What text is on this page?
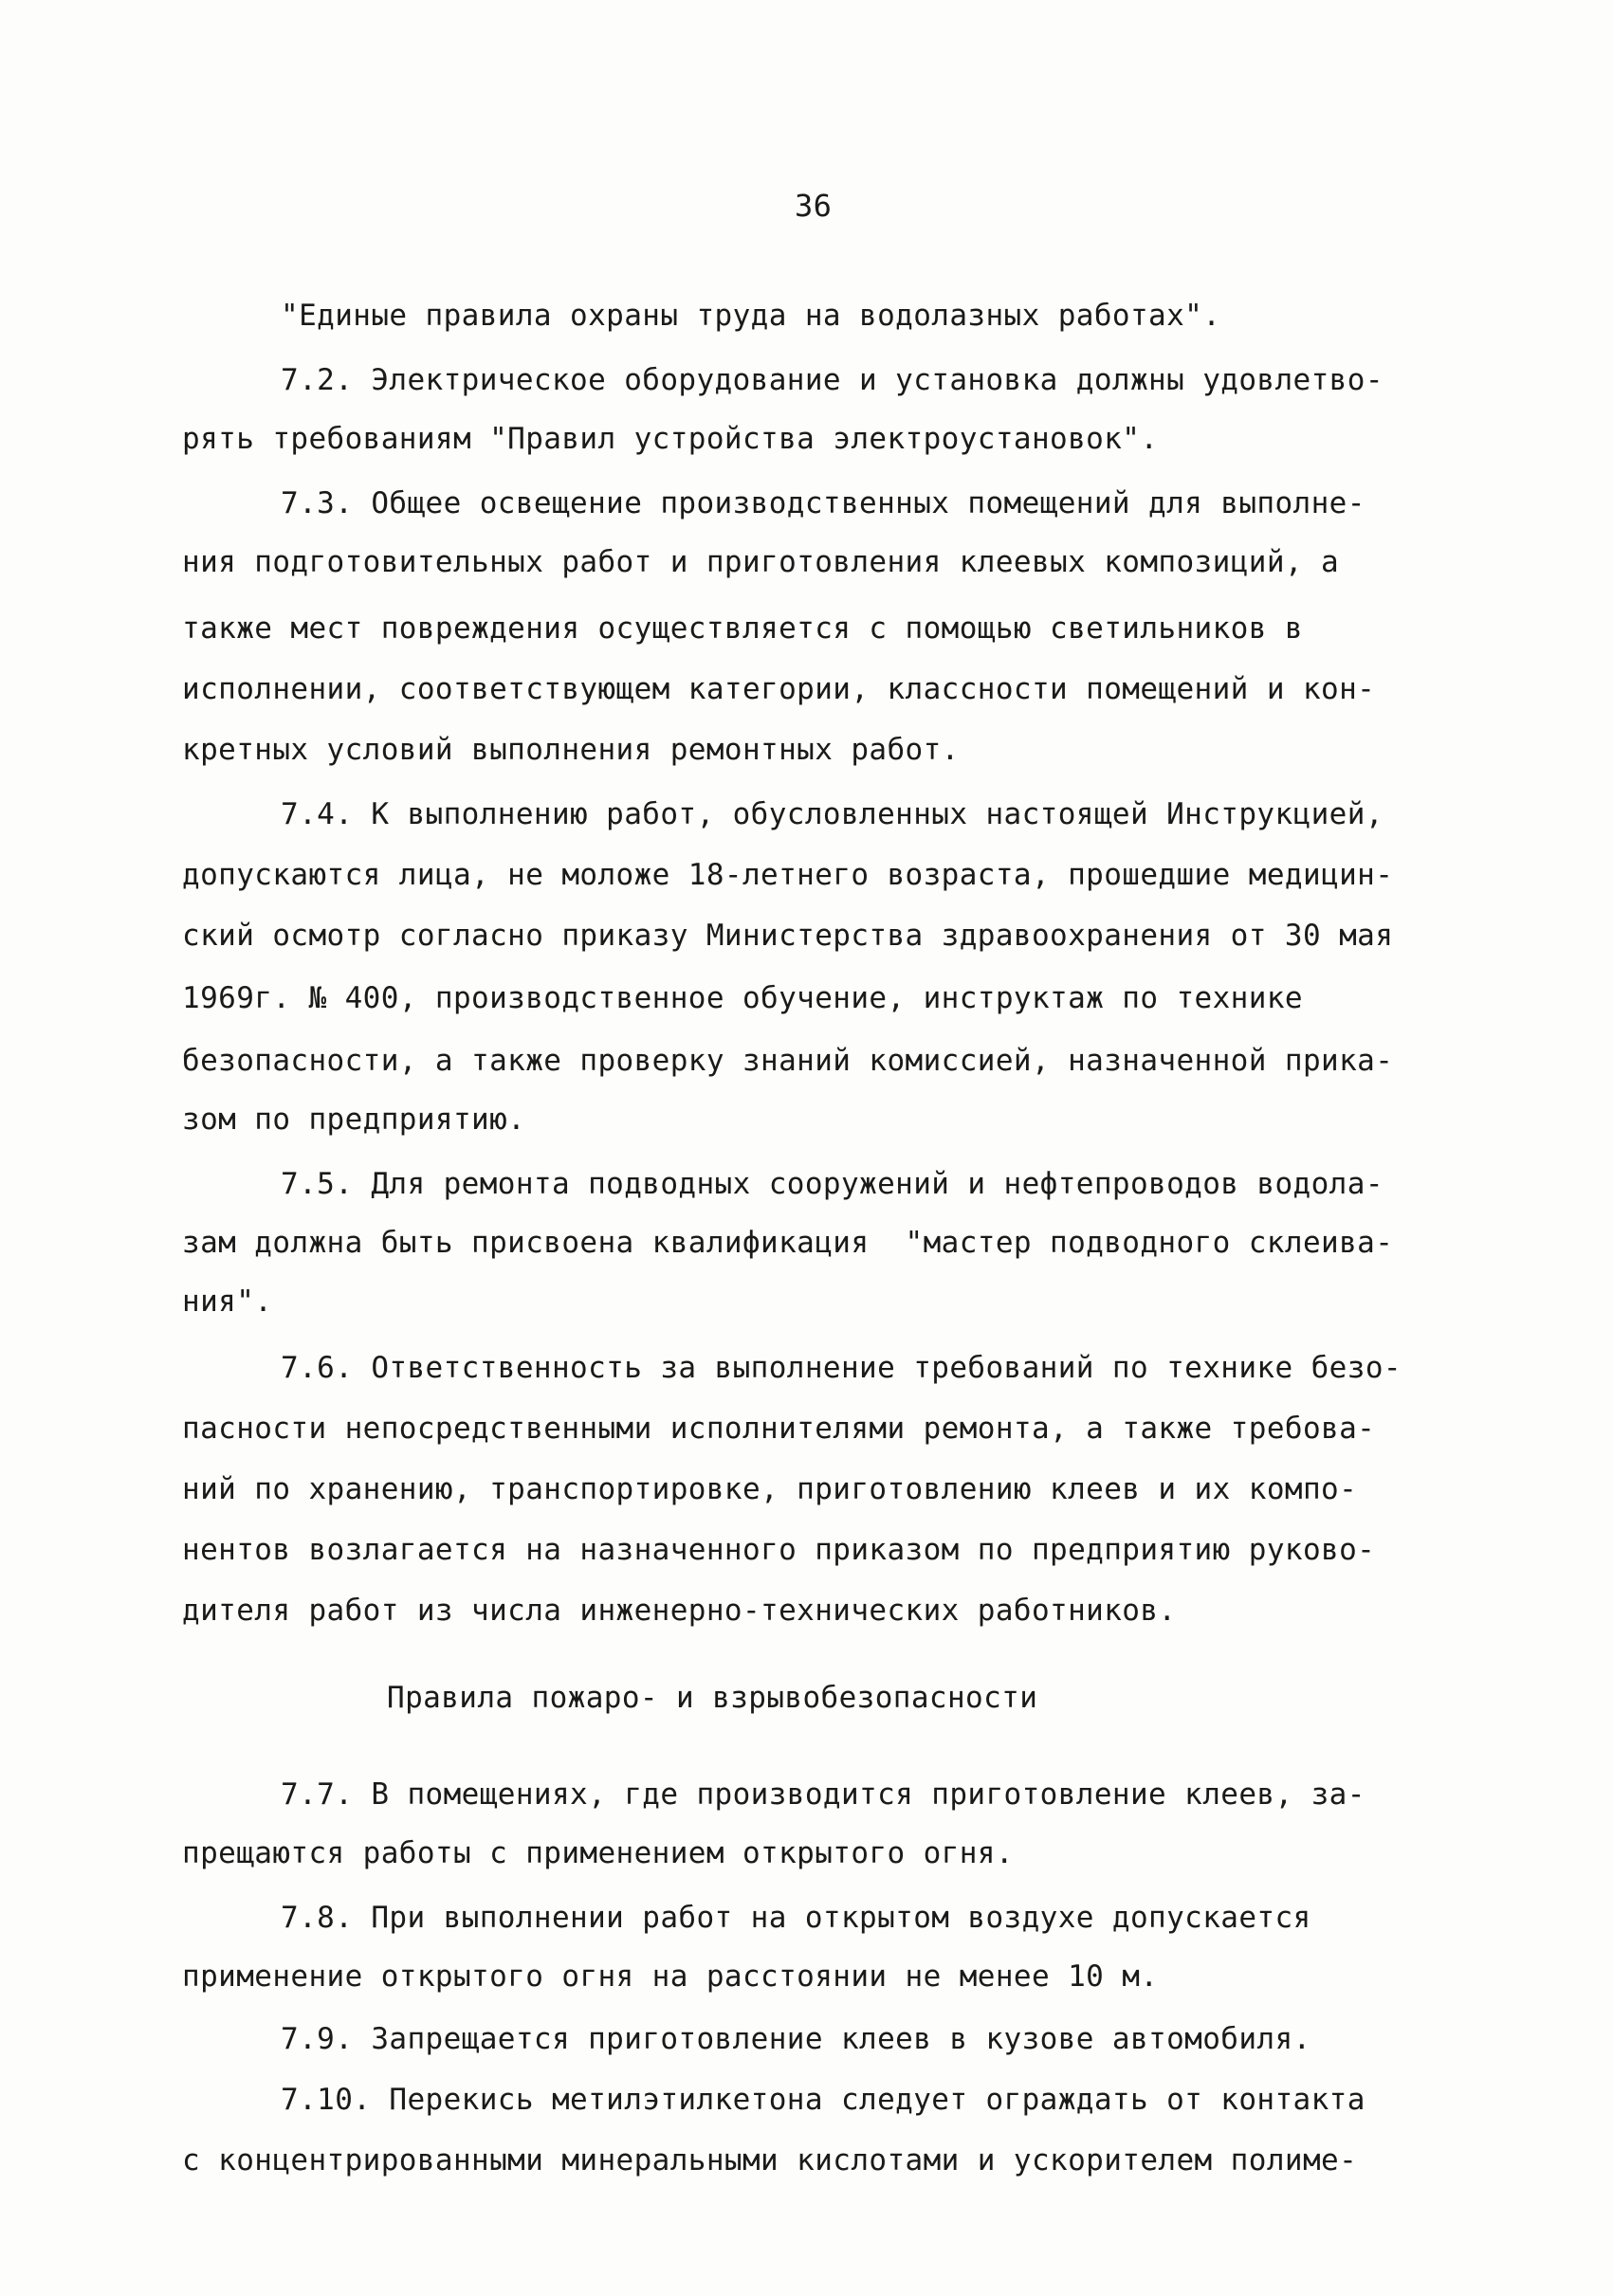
36
"Единые правила охраны труда на водолазных работах".
7.2. Электрическое оборудование и установка должны удовлетво-
рять требованиям "Правил устройства электроустановок".
7.3. Общее освещение производственных помещений для выполне-
ния подготовительных работ и приготовления клеевых композиций, а
также мест повреждения осуществляется с помощью светильников в
исполнении, соответствующем категории, классности помещений и кон-
кретных условий выполнения ремонтных работ.
7.4. К выполнению работ, обусловленных настоящей Инструкцией,
допускаются лица, не моложе 18-летнего возраста, прошедшие медицин-
ский осмотр согласно приказу Министерства здравоохранения от 30 мая
1969г. № 400, производственное обучение, инструктаж по технике
безопасности, а также проверку знаний комиссией, назначенной прика-
зом по предприятию.
7.5. Для ремонта подводных сооружений и нефтепроводов водола-
зам должна быть присвоена квалификация  "мастер подводного склеива-
ния".
7.6. Ответственность за выполнение требований по технике безо-
пасности непосредственными исполнителями ремонта, а также требова-
ний по хранению, транспортировке, приготовлению клеев и их компо-
нентов возлагается на назначенного приказом по предприятию руково-
дителя работ из числа инженерно-технических работников.
Правила пожаро- и взрывобезопасности
7.7. В помещениях, где производится приготовление клеев, за-
прещаются работы с применением открытого огня.
7.8. При выполнении работ на открытом воздухе допускается
применение открытого огня на расстоянии не менее 10 м.
7.9. Запрещается приготовление клеев в кузове автомобиля.
7.10. Перекись метилэтилкетона следует ограждать от контакта
с концентрированными минеральными кислотами и ускорителем полиме-
